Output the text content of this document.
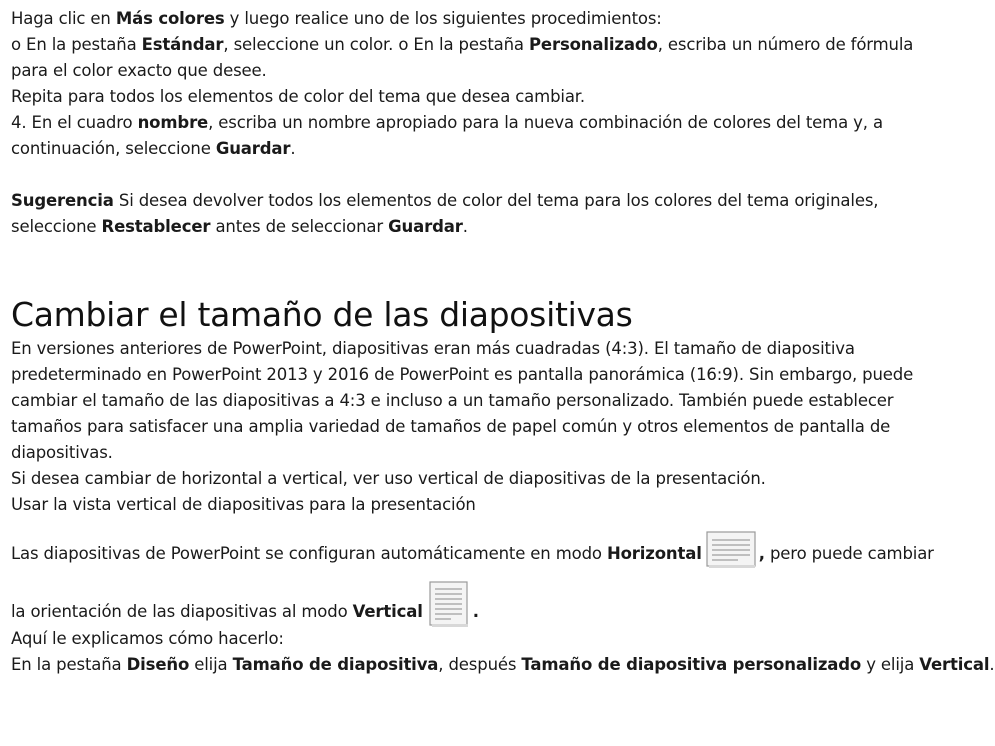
Haga clic en Más colores y luego realice uno de los siguientes procedimientos:
o En la pestaña Estándar, seleccione un color. o En la pestaña Personalizado, escriba un número de fórmula
para el color exacto que desee.
Repita para todos los elementos de color del tema que desea cambiar.
4. En el cuadro nombre, escriba un nombre apropiado para la nueva combinación de colores del tema y, a
continuación, seleccione Guardar.
Sugerencia Si desea devolver todos los elementos de color del tema para los colores del tema originales,
seleccione Restablecer antes de seleccionar Guardar.
Cambiar el tamaño de las diapositivas
En versiones anteriores de PowerPoint, diapositivas eran más cuadradas (4:3). El tamaño de diapositiva
predeterminado en PowerPoint 2013 y 2016 de PowerPoint es pantalla panorámica (16:9). Sin embargo, puede
cambiar el tamaño de las diapositivas a 4:3 e incluso a un tamaño personalizado. También puede establecer
tamaños para satisfacer una amplia variedad de tamaños de papel común y otros elementos de pantalla de
diapositivas.
Si desea cambiar de horizontal a vertical, ver uso vertical de diapositivas de la presentación.
Usar la vista vertical de diapositivas para la presentación
Las diapositivas de PowerPoint se configuran automáticamente en modo Horizontal	, pero puede cambiar
la orientación de las diapositivas al modo Vertical	.
Aquí le explicamos cómo hacerlo:
En la pestaña Diseño elija Tamaño de diapositiva, después Tamaño de diapositiva personalizado y elija Vertical.
